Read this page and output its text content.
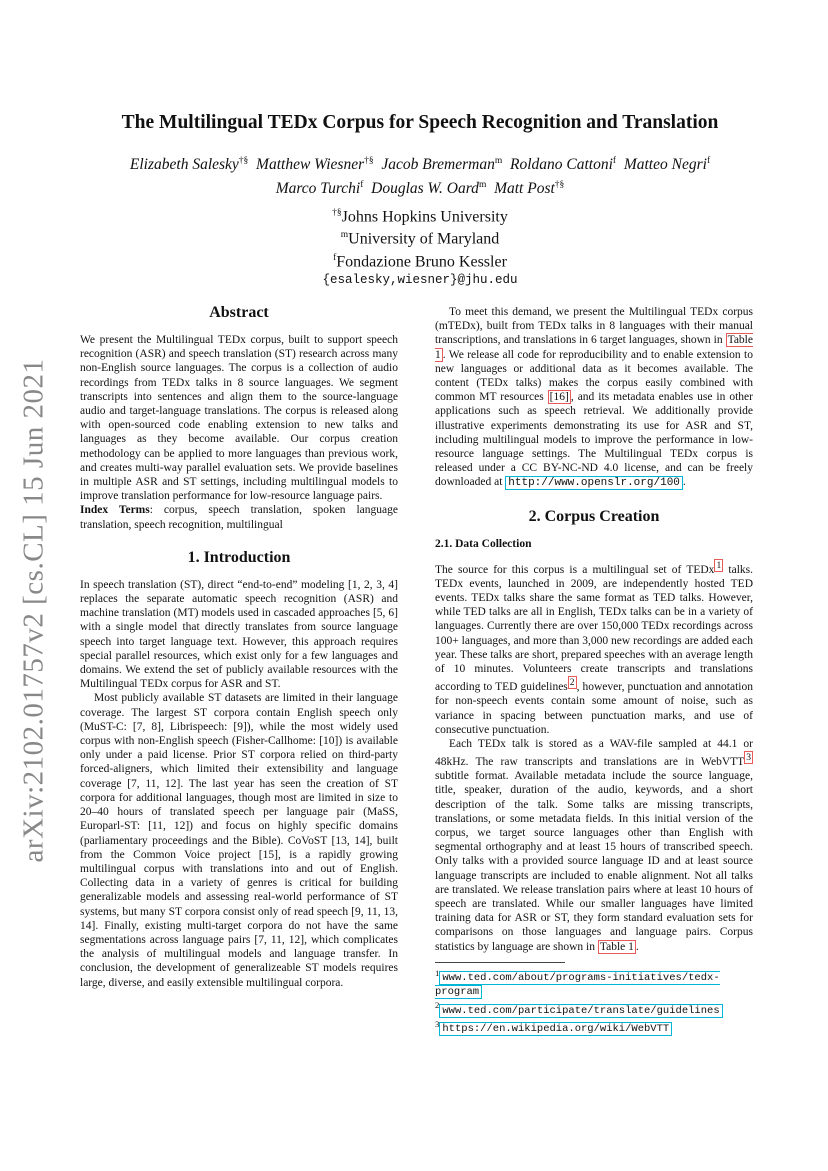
arXiv:2102.01757v2 [cs.CL] 15 Jun 2021
The Multilingual TEDx Corpus for Speech Recognition and Translation
Elizabeth Salesky†§ Matthew Wiesner†§ Jacob Bremerman$^m$ Roldano Cattoni$^f$ Matteo Negri$^f$
Marco Turchi$^f$ Douglas W. Oard$^m$ Matt Post†§
†§Johns Hopkins University
$^m$University of Maryland
$^f$Fondazione Bruno Kessler
{esalesky,wiesner}@jhu.edu
Abstract

We present the Multilingual TEDx corpus, built to support speech recognition (ASR) and speech translation (ST) research across many non-English source languages. The corpus is a collection of audio recordings from TEDx talks in 8 source languages. We segment transcripts into sentences and align them to the source-language audio and target-language translations. The corpus is released along with open-sourced code enabling extension to new talks and languages as they become available. Our corpus creation methodology can be applied to more languages than previous work, and creates multi-way parallel evaluation sets. We provide baselines in multiple ASR and ST settings, including multilingual models to improve translation performance for low-resource language pairs.

Index Terms: corpus, speech translation, spoken language translation, speech recognition, multilingual

1. Introduction

In speech translation (ST), direct “end-to-end” modeling [1, 2, 3, 4] replaces the separate automatic speech recognition (ASR) and machine translation (MT) models used in cascaded approaches [5, 6] with a single model that directly translates from source language speech into target language text. However, this approach requires special parallel resources, which exist only for a few languages and domains. We extend the set of publicly available resources with the Multilingual TEDx corpus for ASR and ST.

Most publicly available ST datasets are limited in their language coverage. The largest ST corpora contain English speech only (MuST-C: [7, 8], Librispeech: [9]), while the most widely used corpus with non-English speech (Fisher-Callhome: [10]) is available only under a paid license. Prior ST corpora relied on third-party forced-aligners, which limited their extensibility and language coverage [7, 11, 12]. The last year has seen the creation of ST corpora for additional languages, though most are limited in size to 20–40 hours of translated speech per language pair (MaSS, Europarl-ST: [11, 12]) and focus on highly specific domains (parliamentary proceedings and the Bible). CoVoST [13, 14], built from the Common Voice project [15], is a rapidly growing multilingual corpus with translations into and out of English. Collecting data in a variety of genres is critical for building generalizable models and assessing real-world performance of ST systems, but many ST corpora consist only of read speech [9, 11, 13, 14]. Finally, existing multi-target corpora do not have the same segmentations across language pairs [7, 11, 12], which complicates the analysis of multilingual models and language transfer. In conclusion, the development of generalizeable ST models requires large, diverse, and easily extensible multilingual corpora.

To meet this demand, we present the Multilingual TEDx corpus (mTEDx), built from TEDx talks in 8 languages with their manual transcriptions, and translations in 6 target languages, shown in Table 1 . We release all code for reproducibility and to enable extension to new languages or additional data as it becomes available. The content (TEDx talks) makes the corpus easily combined with common MT resources [16] , and its metadata enables use in other applications such as speech retrieval. We additionally provide illustrative experiments demonstrating its use for ASR and ST, including multilingual models to improve the performance in low-resource language settings. The Multilingual TEDx corpus is released under a CC BY-NC-ND 4.0 license, and can be freely downloaded at http://www.openslr.org/100 .

2. Corpus Creation
2.1. Data Collection

The source for this corpus is a multilingual set of TEDx $^1$ talks. TEDx events, launched in 2009, are independently hosted TED events. TEDx talks share the same format as TED talks. However, while TED talks are all in English, TEDx talks can be in a variety of languages. Currently there are over 150,000 TEDx recordings across 100+ languages, and more than 3,000 new recordings are added each year. These talks are short, prepared speeches with an average length of 10 minutes. Volunteers create transcripts and translations according to TED guidelines $^2$ , however, punctuation and annotation for non-speech events contain some amount of noise, such as variance in spacing between punctuation marks, and use of consecutive punctuation.

Each TEDx talk is stored as a WAV-file sampled at 44.1 or 48kHz. The raw transcripts and translations are in WebVTT $^3$ subtitle format. Available metadata include the source language, title, speaker, duration of the audio, keywords, and a short description of the talk. Some talks are missing transcripts, translations, or some metadata fields. In this initial version of the corpus, we target source languages other than English with segmental orthography and at least 15 hours of transcribed speech. Only talks with a provided source language ID and at least source language transcripts are included to enable alignment. Not all talks are translated. We release translation pairs where at least 10 hours of speech are translated. While our smaller languages have limited training data for ASR or ST, they form standard evaluation sets for comparisons on those languages and language pairs. Corpus statistics by language are shown in Table 1 .

$^1$ www.ted.com/about/programs-initiatives/tedx-program
$^2$ www.ted.com/participate/translate/guidelines
$^3$ https://en.wikipedia.org/wiki/WebVTT
